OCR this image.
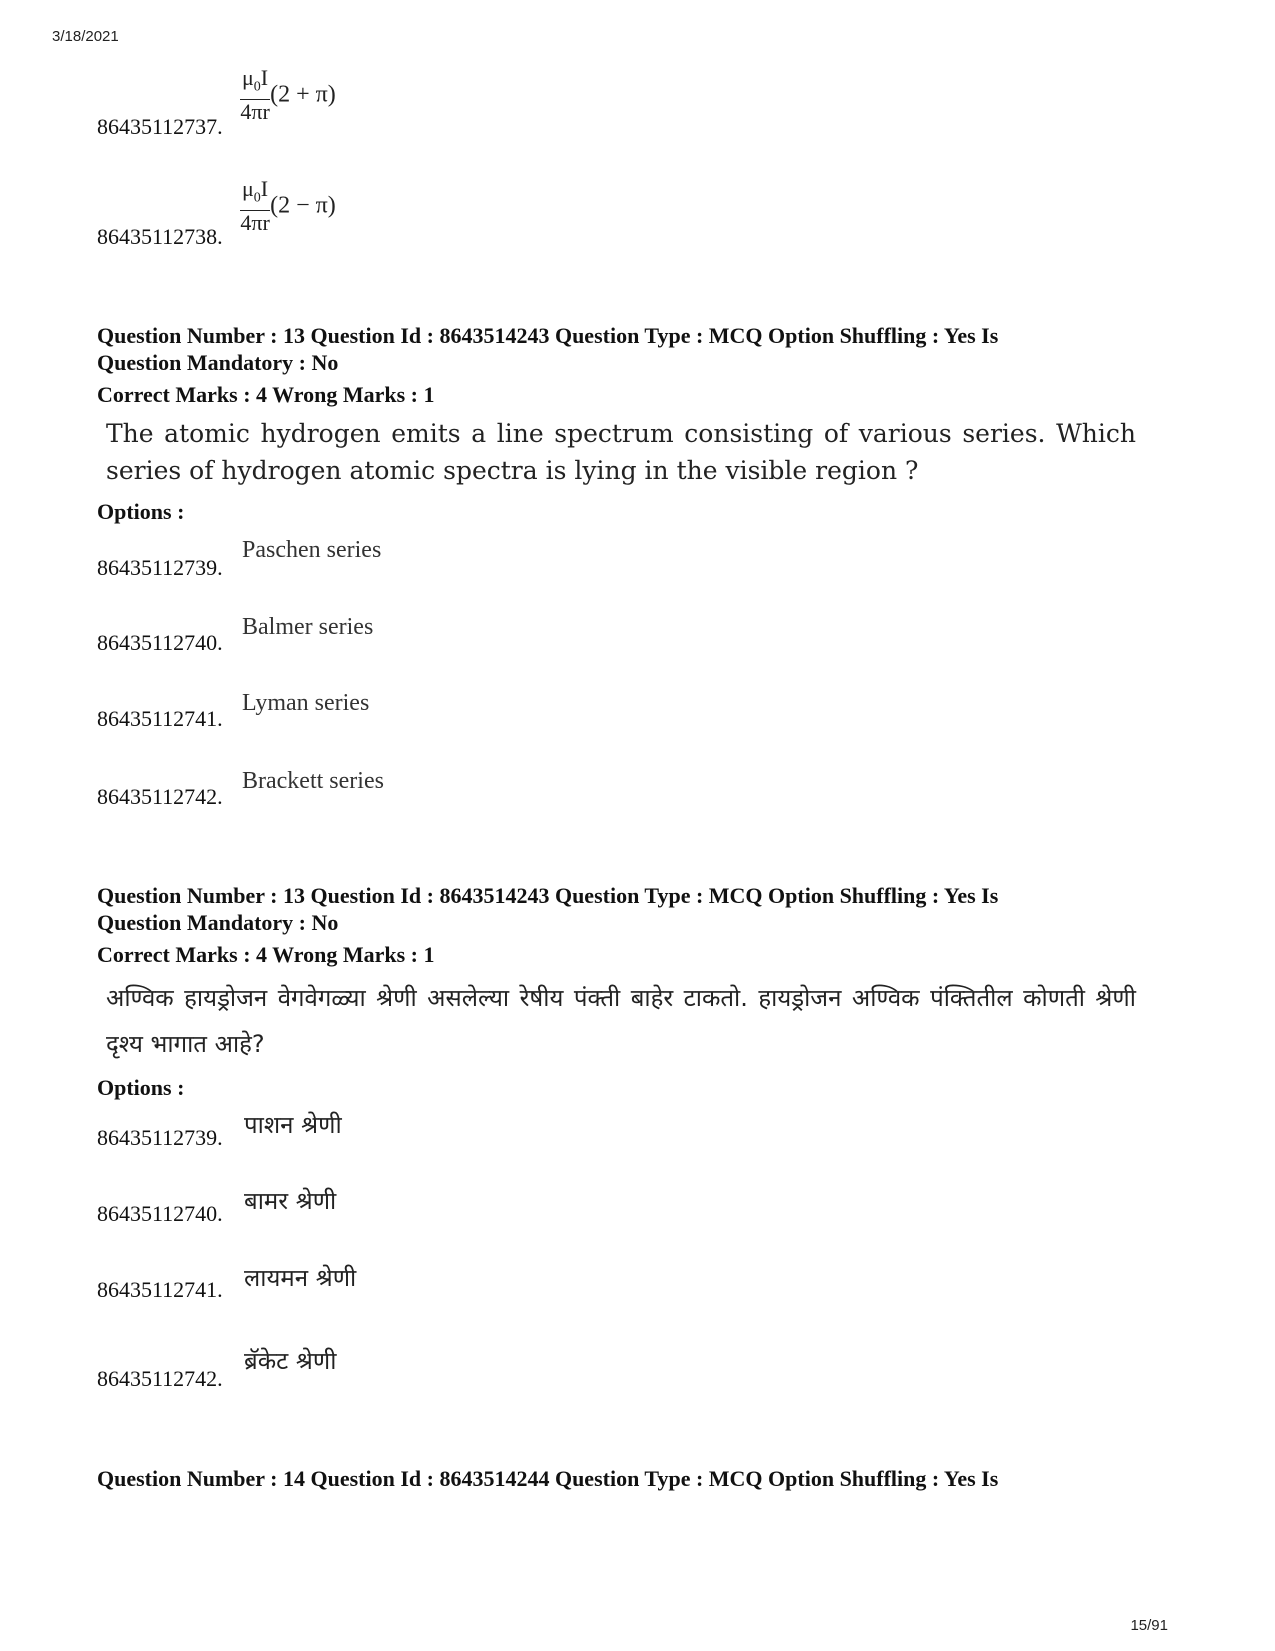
3/18/2021
$\frac{\mu_0I}{4\pi r} (2 + \pi)$
86435112737.
$\frac{\mu_0I}{4\pi r} (2 - \pi)$
86435112738.
Question Number : 13 Question Id : 8643514243 Question Type : MCQ Option Shuffling : Yes Is
Question Mandatory : No
Correct Marks : 4 Wrong Marks : 1
The atomic hydrogen emits a line spectrum consisting of various series. Which series of hydrogen atomic spectra is lying in the visible region ?
Options :
Paschen series
86435112739.
Balmer series
86435112740.
Lyman series
86435112741.
Brackett series
86435112742.
Question Number : 13 Question Id : 8643514243 Question Type : MCQ Option Shuffling : Yes Is
Question Mandatory : No
Correct Marks : 4 Wrong Marks : 1
अण्विक हायड्रोजन वेगवेगळ्या श्रेणी असलेल्या रेषीय पंक्ती बाहेर टाकतो. हायड्रोजन अण्विक पंक्तितील कोणती श्रेणी दृश्य भागात आहे?
Options :
पाशन श्रेणी
86435112739.
बामर श्रेणी
86435112740.
लायमन श्रेणी
86435112741.
ब्रॅकेट श्रेणी
86435112742.
Question Number : 14 Question Id : 8643514244 Question Type : MCQ Option Shuffling : Yes Is
15/91
